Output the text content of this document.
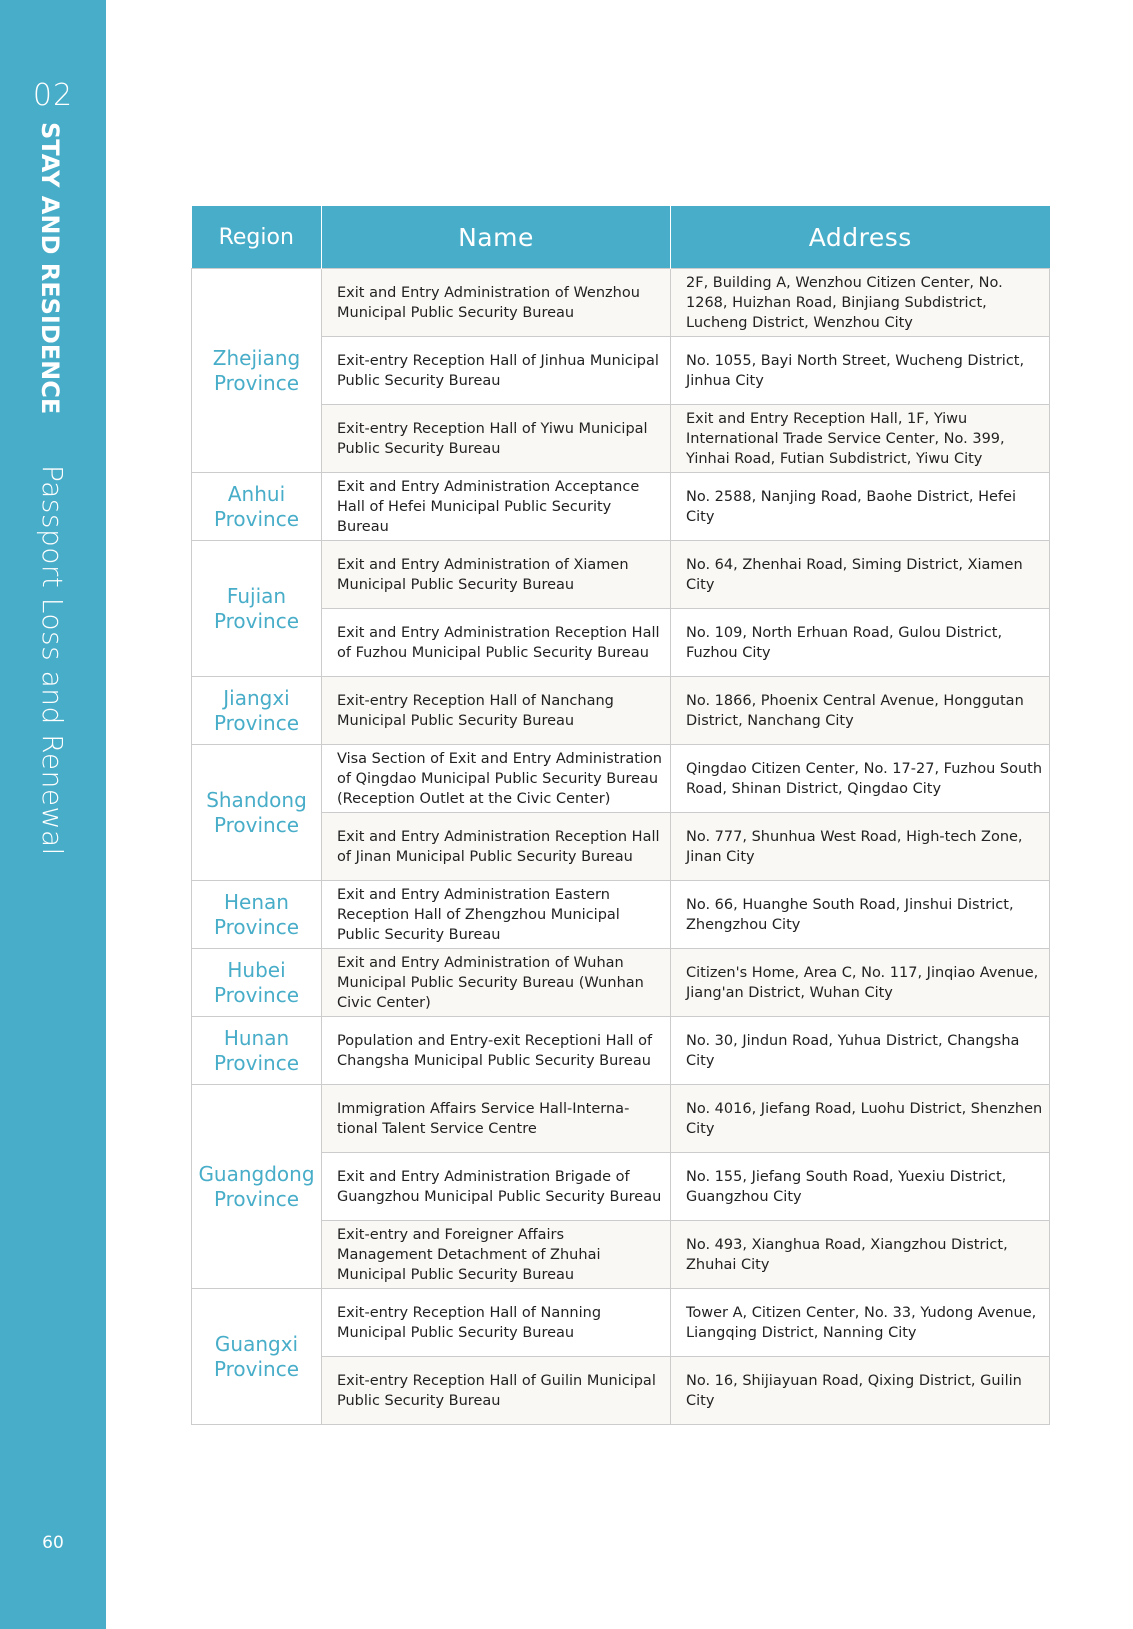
02
STAY AND RESIDENCE
Passport Loss and Renewal
60
Region	Name	Address
Zhejiang Province	Exit and Entry Administration of Wenzhou Municipal Public Security Bureau	2F, Building A, Wenzhou Citizen Center, No. 1268, Huizhan Road, Binjiang Subdistrict, Lucheng District, Wenzhou City
	Exit-entry Reception Hall of Jinhua Municipal Public Security Bureau	No. 1055, Bayi North Street, Wucheng District, Jinhua City
	Exit-entry Reception Hall of Yiwu Municipal Public Security Bureau	Exit and Entry Reception Hall, 1F, Yiwu International Trade Service Center, No. 399, Yinhai Road, Futian Subdistrict, Yiwu City
Anhui Province	Exit and Entry Administration Acceptance Hall of Hefei Municipal Public Security Bureau	No. 2588, Nanjing Road, Baohe District, Hefei City
Fujian Province	Exit and Entry Administration of Xiamen Municipal Public Security Bureau	No. 64, Zhenhai Road, Siming District, Xiamen City
	Exit and Entry Administration Reception Hall of Fuzhou Municipal Public Security Bureau	No. 109, North Erhuan Road, Gulou District, Fuzhou City
Jiangxi Province	Exit-entry Reception Hall of Nanchang Municipal Public Security Bureau	No. 1866, Phoenix Central Avenue, Honggutan District, Nanchang City
Shandong Province	Visa Section of Exit and Entry Administration of Qingdao Municipal Public Security Bureau (Reception Outlet at the Civic Center)	Qingdao Citizen Center, No. 17-27, Fuzhou South Road, Shinan District, Qingdao City
	Exit and Entry Administration Reception Hall of Jinan Municipal Public Security Bureau	No. 777, Shunhua West Road, High-tech Zone, Jinan City
Henan Province	Exit and Entry Administration Eastern Reception Hall of Zhengzhou Municipal Public Security Bureau	No. 66, Huanghe South Road, Jinshui District, Zhengzhou City
Hubei Province	Exit and Entry Administration of Wuhan Municipal Public Security Bureau (Wunhan Civic Center)	Citizen's Home, Area C, No. 117, Jinqiao Avenue, Jiang'an District, Wuhan City
Hunan Province	Population and Entry-exit Receptioni Hall of Changsha Municipal Public Security Bureau	No. 30, Jindun Road, Yuhua District, Changsha City
Guangdong Province	Immigration Affairs Service Hall-Interna-tional Talent Service Centre	No. 4016, Jiefang Road, Luohu District, Shenzhen City
	Exit and Entry Administration Brigade of Guangzhou Municipal Public Security Bureau	No. 155, Jiefang South Road, Yuexiu District, Guangzhou City
	Exit-entry and Foreigner Affairs Management Detachment of Zhuhai Municipal Public Security Bureau	No. 493, Xianghua Road, Xiangzhou District, Zhuhai City
Guangxi Province	Exit-entry Reception Hall of Nanning Municipal Public Security Bureau	Tower A, Citizen Center, No. 33, Yudong Avenue, Liangqing District, Nanning City
	Exit-entry Reception Hall of Guilin Municipal Public Security Bureau	No. 16, Shijiayuan Road, Qixing District, Guilin City
